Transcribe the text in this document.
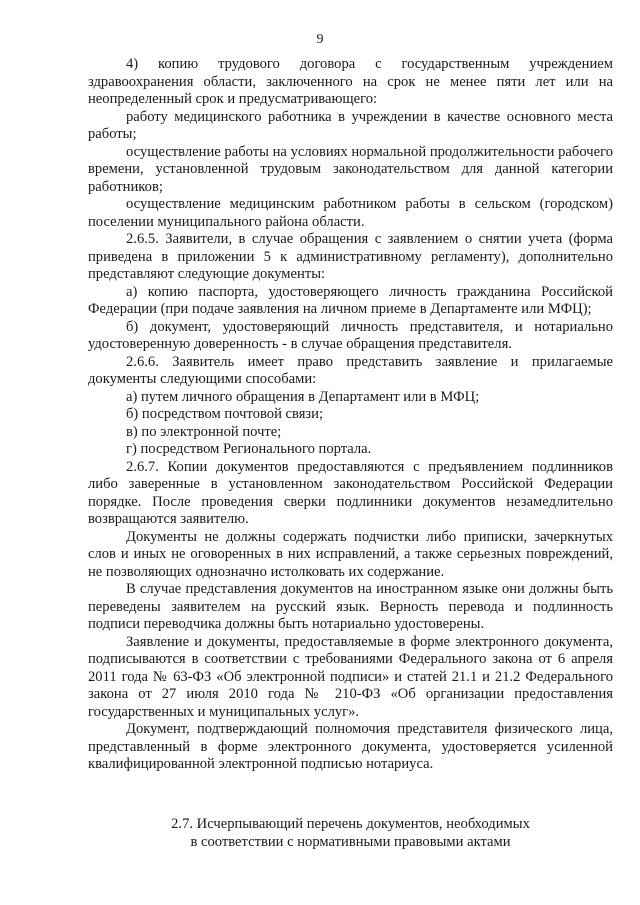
9

4) копию трудового договора с государственным учреждением здравоохранения области, заключенного на срок не менее пяти лет или на неопределенный срок и предусматривающего:

работу медицинского работника в учреждении в качестве основного места работы;

осуществление работы на условиях нормальной продолжительности рабочего времени, установленной трудовым законодательством для данной категории работников;

осуществление медицинским работником работы в сельском (городском) поселении муниципального района области.

2.6.5. Заявители, в случае обращения с заявлением о снятии учета (форма приведена в приложении 5 к административному регламенту), дополнительно представляют следующие документы:

а) копию паспорта, удостоверяющего личность гражданина Российской Федерации (при подаче заявления на личном приеме в Департаменте или МФЦ);

б) документ, удостоверяющий личность представителя, и нотариально удостоверенную доверенность - в случае обращения представителя.

2.6.6. Заявитель имеет право представить заявление и прилагаемые документы следующими способами:

а) путем личного обращения в Департамент или в МФЦ;

б) посредством почтовой связи;

в) по электронной почте;

г) посредством Регионального портала.

2.6.7. Копии документов предоставляются с предъявлением подлинников либо заверенные в установленном законодательством Российской Федерации порядке. После проведения сверки подлинники документов незамедлительно возвращаются заявителю.

Документы не должны содержать подчистки либо приписки, зачеркнутых слов и иных не оговоренных в них исправлений, а также серьезных повреждений, не позволяющих однозначно истолковать их содержание.

В случае представления документов на иностранном языке они должны быть переведены заявителем на русский язык. Верность перевода и подлинность подписи переводчика должны быть нотариально удостоверены.

Заявление и документы, предоставляемые в форме электронного документа, подписываются в соответствии с требованиями Федерального закона от 6 апреля 2011 года № 63-ФЗ «Об электронной подписи» и статей 21.1 и 21.2 Федерального закона от 27 июля 2010 года № 210-ФЗ «Об организации предоставления государственных и муниципальных услуг».

Документ, подтверждающий полномочия представителя физического лица, представленный в форме электронного документа, удостоверяется усиленной квалифицированной электронной подписью нотариуса.

2.7. Исчерпывающий перечень документов, необходимых
в соответствии с нормативными правовыми актами
